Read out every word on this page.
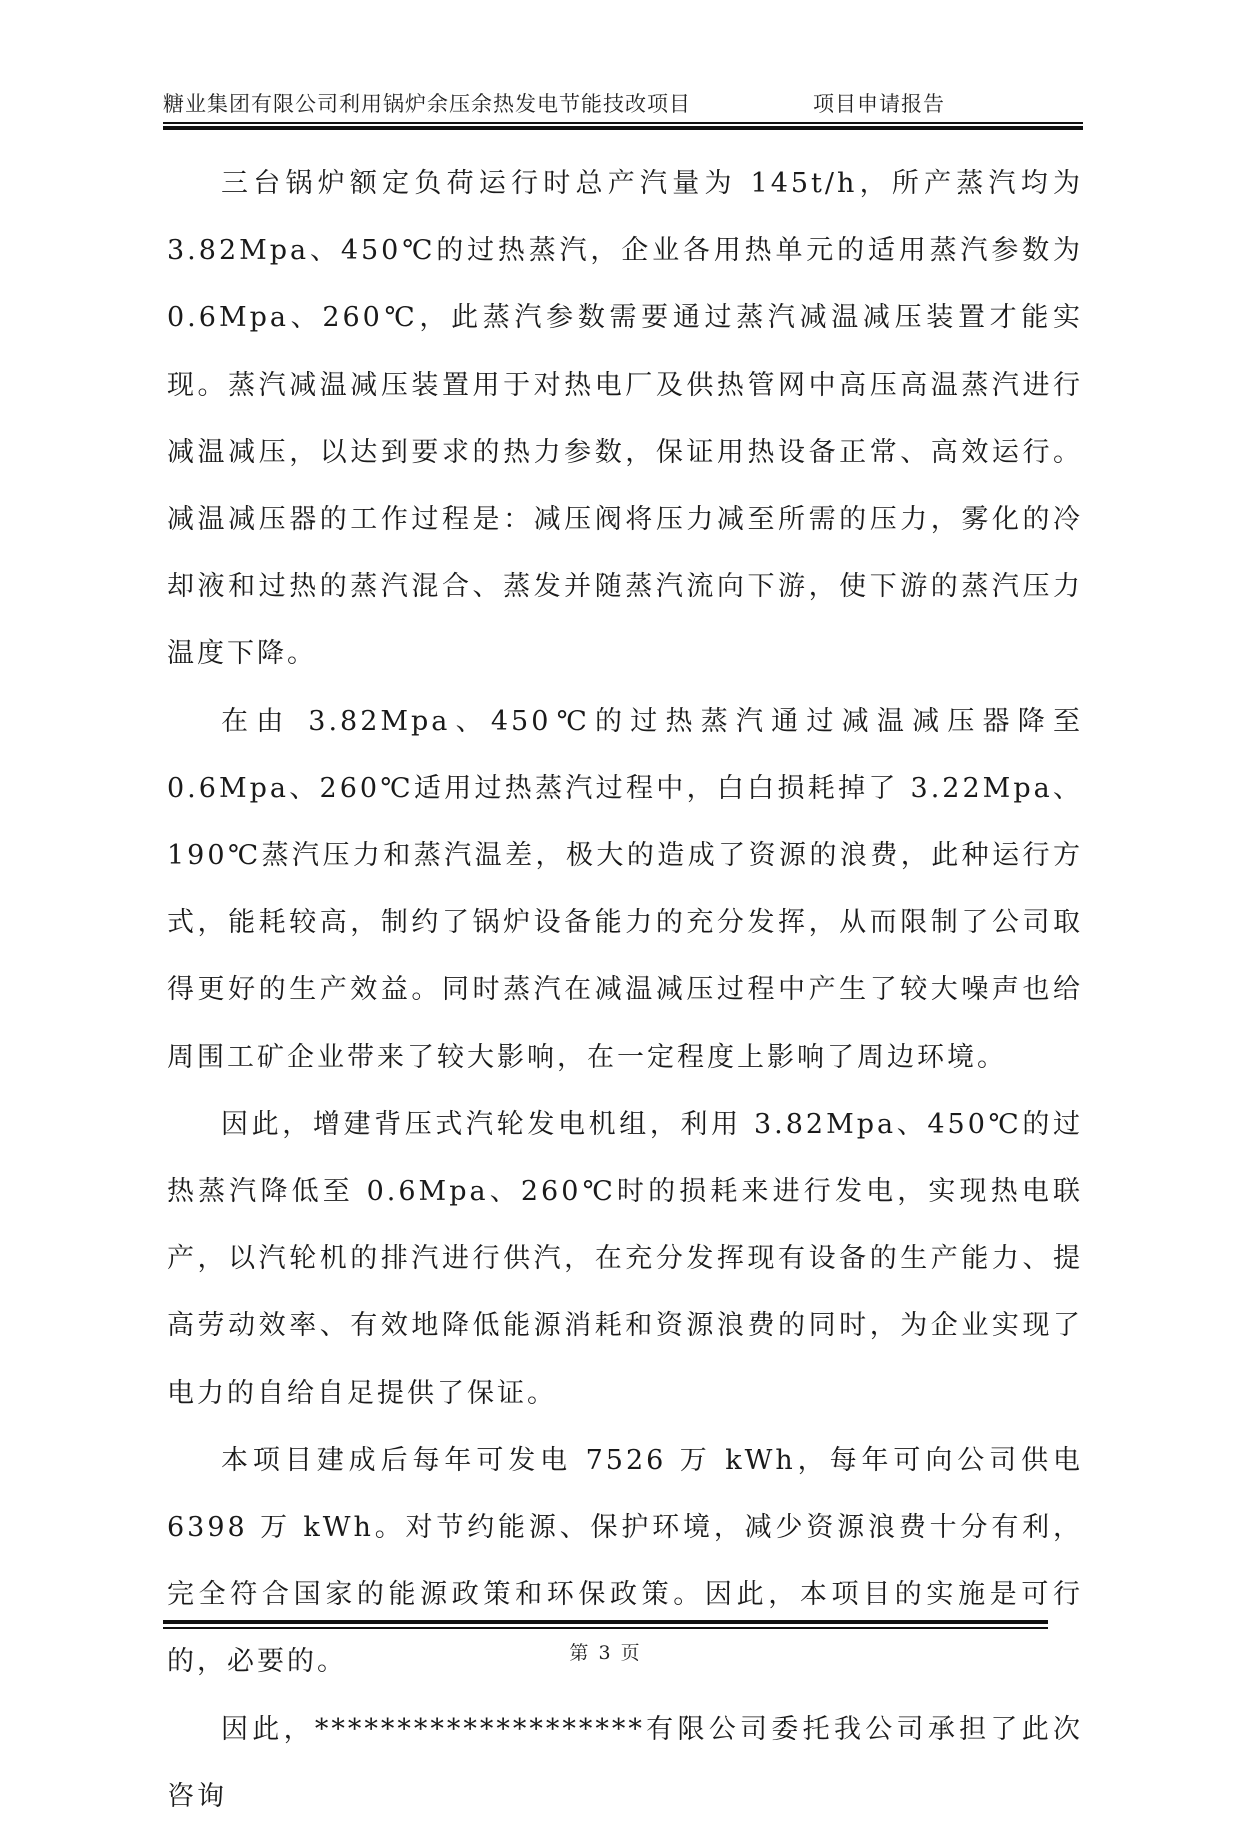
糖业集团有限公司利用锅炉余压余热发电节能技改项目	项目申请报告

三台锅炉额定负荷运行时总产汽量为 145t/h，所产蒸汽均为 3.82Mpa、450℃的过热蒸汽，企业各用热单元的适用蒸汽参数为 0.6Mpa、260℃，此蒸汽参数需要通过蒸汽减温减压装置才能实现。蒸汽减温减压装置用于对热电厂及供热管网中高压高温蒸汽进行减温减压，以达到要求的热力参数，保证用热设备正常、高效运行。减温减压器的工作过程是：减压阀将压力减至所需的压力，雾化的冷却液和过热的蒸汽混合、蒸发并随蒸汽流向下游，使下游的蒸汽压力温度下降。

在由 3.82Mpa、450℃的过热蒸汽通过减温减压器降至 0.6Mpa、260℃适用过热蒸汽过程中，白白损耗掉了 3.22Mpa、190℃蒸汽压力和蒸汽温差，极大的造成了资源的浪费，此种运行方式，能耗较高，制约了锅炉设备能力的充分发挥，从而限制了公司取得更好的生产效益。同时蒸汽在减温减压过程中产生了较大噪声也给周围工矿企业带来了较大影响，在一定程度上影响了周边环境。

因此，增建背压式汽轮发电机组，利用 3.82Mpa、450℃的过热蒸汽降低至 0.6Mpa、260℃时的损耗来进行发电，实现热电联产，以汽轮机的排汽进行供汽，在充分发挥现有设备的生产能力、提高劳动效率、有效地降低能源消耗和资源浪费的同时，为企业实现了电力的自给自足提供了保证。

本项目建成后每年可发电 7526 万 kWh，每年可向公司供电 6398 万 kWh。对节约能源、保护环境，减少资源浪费十分有利，完全符合国家的能源政策和环保政策。因此，本项目的实施是可行的，必要的。

因此，********************有限公司委托我公司承担了此次咨询

第 3 页
